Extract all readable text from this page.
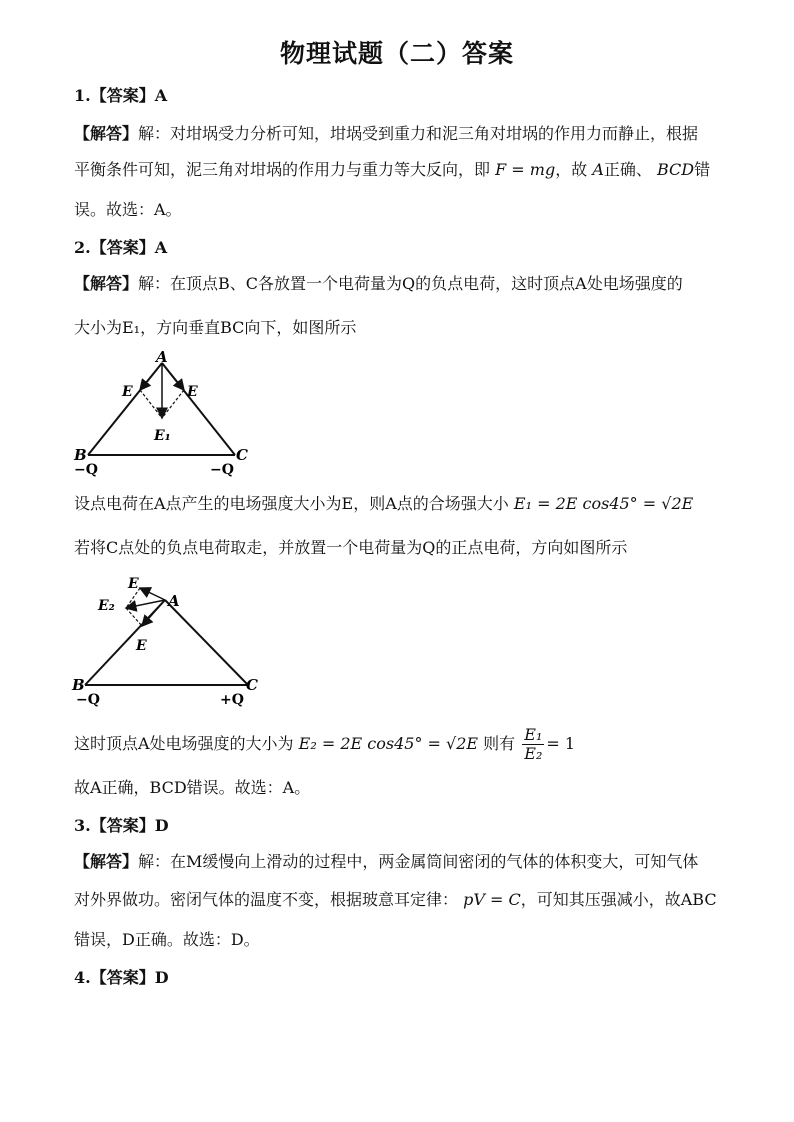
物理试题（二）答案
1.【答案】A
【解答】解：对坩埚受力分析可知，坩埚受到重力和泥三角对坩埚的作用力而静止，根据
平衡条件可知，泥三角对坩埚的作用力与重力等大反向，即 F = mg，故 A正确、 BCD错
误。故选：A。
2.【答案】A
【解答】解：在顶点B、C各放置一个电荷量为Q的负点电荷，这时顶点A处电场强度的
大小为E₁，方向垂直BC向下，如图所示
A
E	E
E₁
B	C
−Q	−Q
设点电荷在A点产生的电场强度大小为E，则A点的合场强大小 E₁ = 2E cos45° = √2E
若将C点处的负点电荷取走，并放置一个电荷量为Q的正点电荷，方向如图所示
E
E₂	A
E
B	C
−Q	+Q
这时顶点A处电场强度的大小为 E₂ = 2E cos45° = √2E 则有 $\frac{\text{E₁}}{\text{E₂}} = 1$
故A正确，BCD错误。故选：A。
3.【答案】D
【解答】解：在M缓慢向上滑动的过程中，两金属筒间密闭的气体的体积变大，可知气体
对外界做功。密闭气体的温度不变，根据玻意耳定律： pV = C，可知其压强减小，故ABC
错误，D正确。故选：D。
4.【答案】D
